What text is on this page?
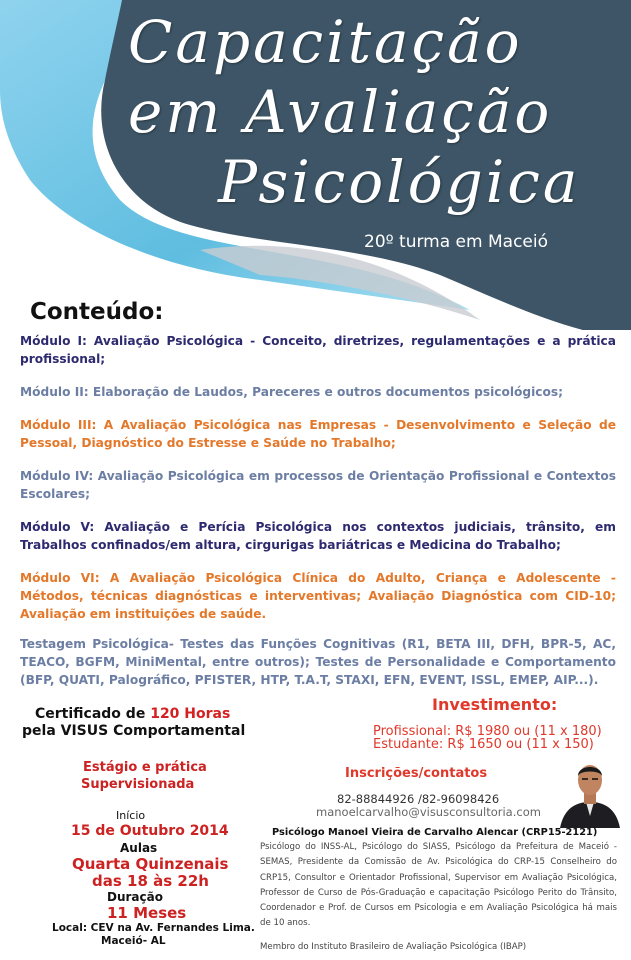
Capacitação
em Avaliação
Psicológica
20º turma em Maceió
Conteúdo:
Módulo I: Avaliação Psicológica - Conceito, diretrizes, regulamentações e a prática profissional;
Módulo II: Elaboração de Laudos, Pareceres e outros documentos psicológicos;
Módulo III: A Avaliação Psicológica nas Empresas - Desenvolvimento e Seleção de Pessoal, Diagnóstico do Estresse e Saúde no Trabalho;
Módulo IV: Avaliação Psicológica em processos de Orientação Profissional e Contextos Escolares;
Módulo V: Avaliação e Perícia Psicológica nos contextos judiciais, trânsito, em Trabalhos confinados/em altura, cirgurigas bariátricas e Medicina do Trabalho;
Módulo VI: A Avaliação Psicológica Clínica do Adulto, Criança e Adolescente - Métodos, técnicas diagnósticas e interventivas; Avaliação Diagnóstica com CID-10; Avaliação em instituições de saúde.
Testagem Psicológica- Testes das Funções Cognitivas (R1, BETA III, DFH, BPR-5, AC, TEACO, BGFM, MiniMental, entre outros); Testes de Personalidade e Comportamento (BFP, QUATI, Palográfico, PFISTER, HTP, T.A.T, STAXI, EFN, EVENT, ISSL, EMEP, AIP...).
Certificado de 120 Horas
pela VISUS Comportamental
Estágio e prática
Supervisionada
Início
15 de Outubro 2014
Aulas
Quarta Quinzenais
das 18 às 22h
Duração
11 Meses
Local: CEV na Av. Fernandes Lima.
Maceió- AL
Investimento:
Profissional: R$ 1980 ou (11 x 180)
Estudante: R$ 1650 ou (11 x 150)
Inscrições/contatos
82-88844926 /82-96098426
manoelcarvalho@visusconsultoria.com
Psicólogo Manoel Vieira de Carvalho Alencar (CRP15-2121)
Psicólogo do INSS-AL, Psicólogo do SIASS, Psicólogo da Prefeitura de Maceió -SEMAS, Presidente da Comissão de Av. Psicológica do CRP-15 Conselheiro do CRP15, Consultor e Orientador Profissional, Supervisor em Avaliação Psicológica, Professor de Curso de Pós-Graduação e capacitação Psicólogo Perito do Trânsito, Coordenador e Prof. de Cursos em Psicologia e em Avaliação Psicológica há mais de 10 anos.
Membro do Instituto Brasileiro de Avaliação Psicológica (IBAP)
